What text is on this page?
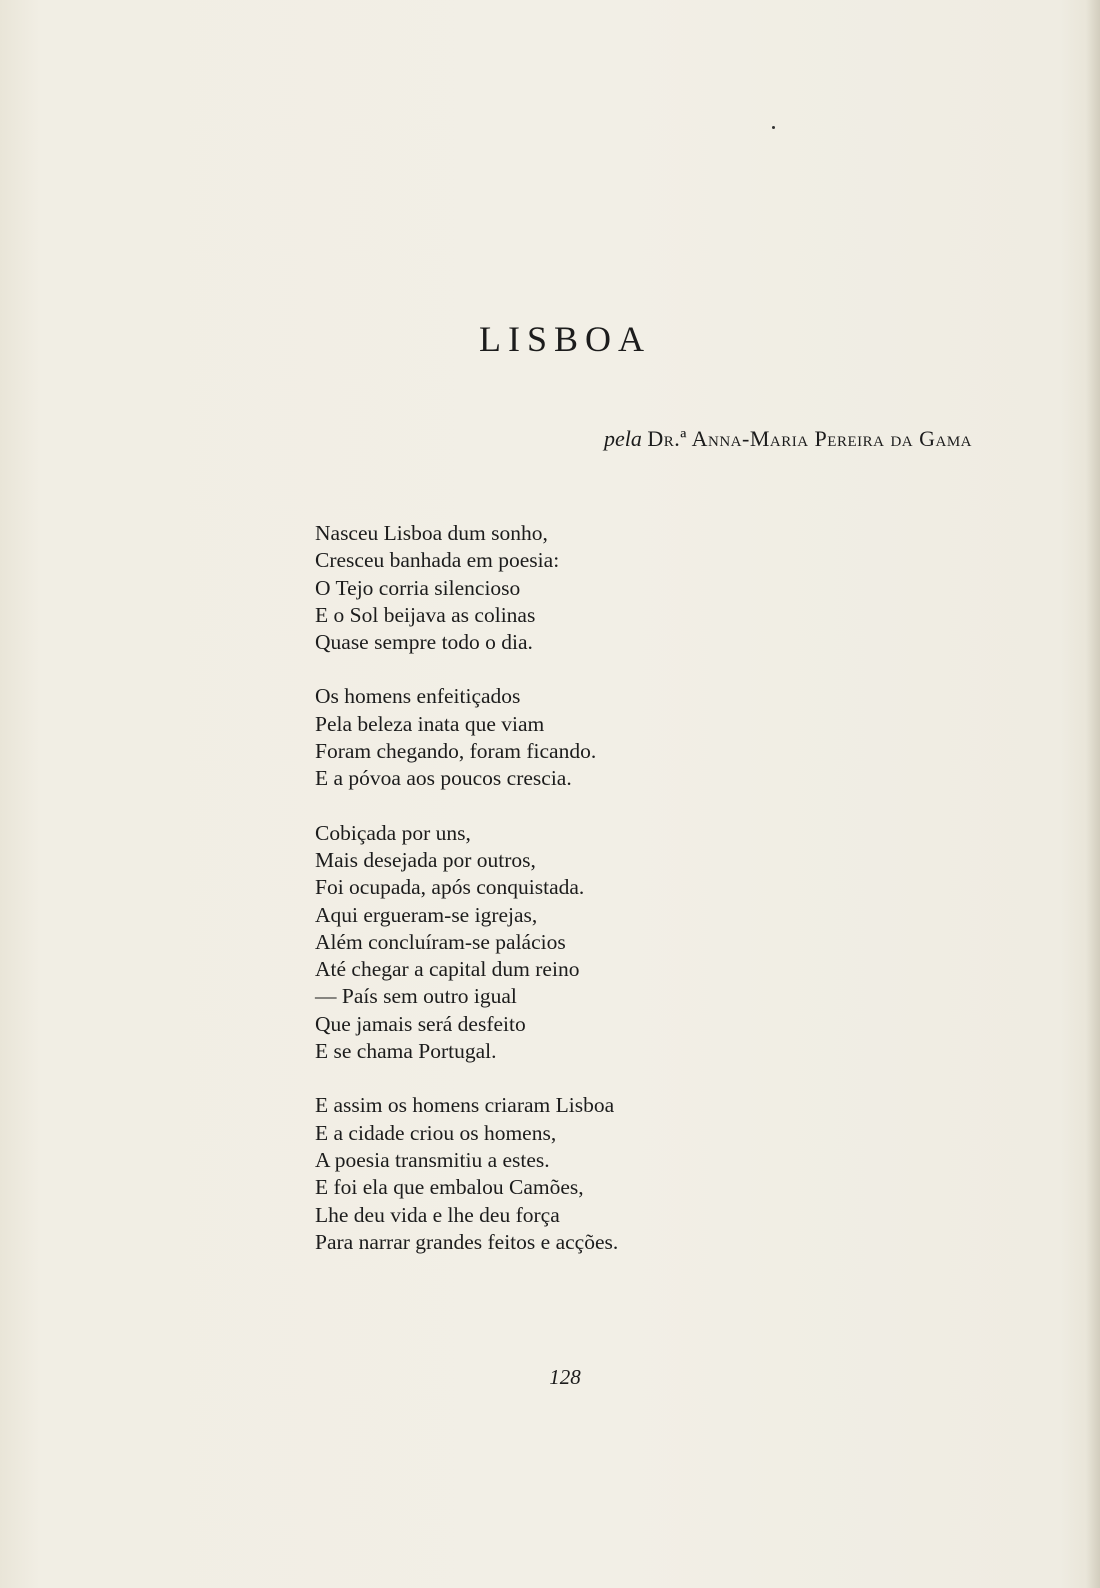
LISBOA
pela Dr.ª Anna-Maria Pereira da Gama
Nasceu Lisboa dum sonho,
Cresceu banhada em poesia:
O Tejo corria silencioso
E o Sol beijava as colinas
Quase sempre todo o dia.
Os homens enfeitiçados
Pela beleza inata que viam
Foram chegando, foram ficando.
E a póvoa aos poucos crescia.
Cobiçada por uns,
Mais desejada por outros,
Foi ocupada, após conquistada.
Aqui ergueram-se igrejas,
Além concluíram-se palácios
Até chegar a capital dum reino
— País sem outro igual
Que jamais será desfeito
E se chama Portugal.
E assim os homens criaram Lisboa
E a cidade criou os homens,
A poesia transmitiu a estes.
E foi ela que embalou Camões,
Lhe deu vida e lhe deu força
Para narrar grandes feitos e acções.
128
